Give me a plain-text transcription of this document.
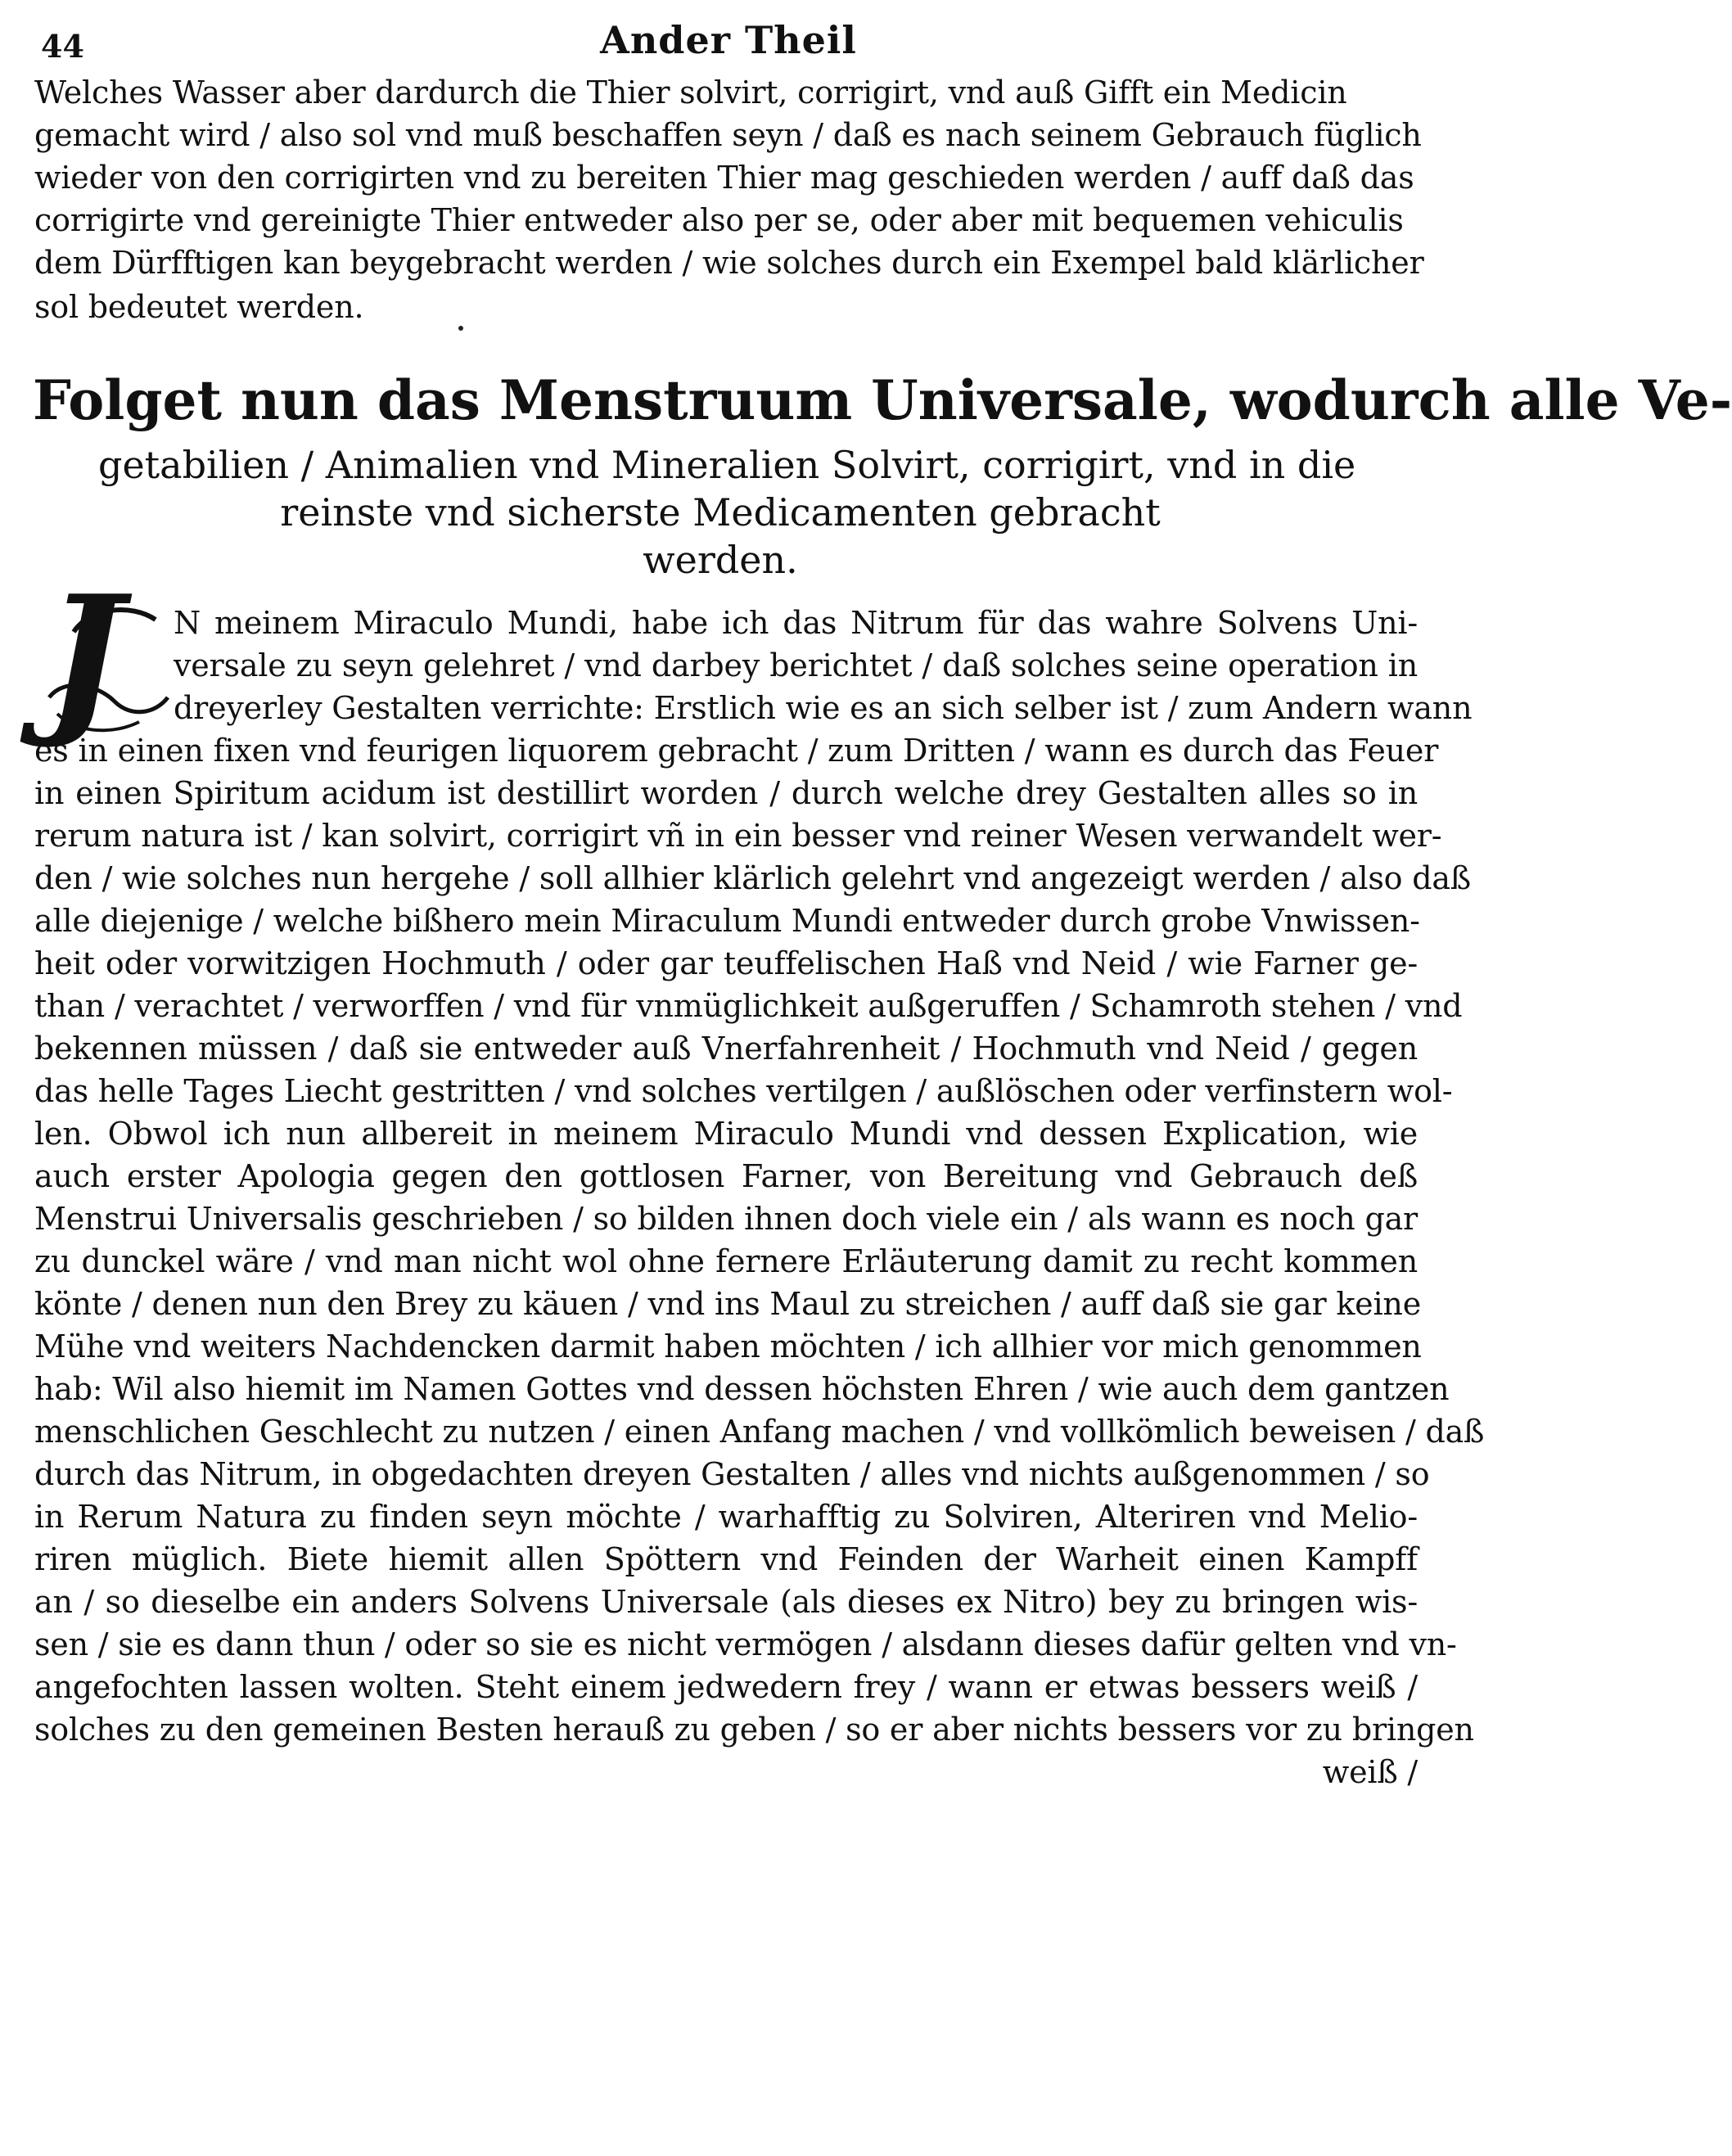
44	Ander Theil
Welches Wasser aber dardurch die Thier solvirt, corrigirt, vnd auß Gifft ein Medicin
gemacht wird / also sol vnd muß beschaffen seyn / daß es nach seinem Gebrauch füglich
wieder von den corrigirten vnd zu bereiten Thier mag geschieden werden / auff daß das
corrigirte vnd gereinigte Thier entweder also per se, oder aber mit bequemen vehiculis
dem Dürfftigen kan beygebracht werden / wie solches durch ein Exempel bald klärlicher
sol bedeutet werden.
Folget nun das Menstruum Universale, wodurch alle Ve-
getabilien / Animalien vnd Mineralien Solvirt, corrigirt, vnd in die
reinste vnd sicherste Medicamenten gebracht
werden.
J N meinem Miraculo Mundi, habe ich das Nitrum für das wahre Solvens Uni-
versale zu seyn gelehret / vnd darbey berichtet / daß solches seine operation in
dreyerley Gestalten verrichte: Erstlich wie es an sich selber ist / zum Andern wann
es in einen fixen vnd feurigen liquorem gebracht / zum Dritten / wann es durch das Feuer
in einen Spiritum acidum ist destillirt worden / durch welche drey Gestalten alles so in
rerum natura ist / kan solvirt, corrigirt vñ in ein besser vnd reiner Wesen verwandelt wer-
den / wie solches nun hergehe / soll allhier klärlich gelehrt vnd angezeigt werden / also daß
alle diejenige / welche bißhero mein Miraculum Mundi entweder durch grobe Vnwissen-
heit oder vorwitzigen Hochmuth / oder gar teuffelischen Haß vnd Neid / wie Farner ge-
than / verachtet / verworffen / vnd für vnmüglichkeit außgeruffen / Schamroth stehen / vnd
bekennen müssen / daß sie entweder auß Vnerfahrenheit / Hochmuth vnd Neid / gegen
das helle Tages Liecht gestritten / vnd solches vertilgen / außlöschen oder verfinstern wol-
len. Obwol ich nun allbereit in meinem Miraculo Mundi vnd dessen Explication, wie
auch erster Apologia gegen den gottlosen Farner, von Bereitung vnd Gebrauch deß
Menstrui Universalis geschrieben / so bilden ihnen doch viele ein / als wann es noch gar
zu dunckel wäre / vnd man nicht wol ohne fernere Erläuterung damit zu recht kommen
könte / denen nun den Brey zu käuen / vnd ins Maul zu streichen / auff daß sie gar keine
Mühe vnd weiters Nachdencken darmit haben möchten / ich allhier vor mich genommen
hab: Wil also hiemit im Namen Gottes vnd dessen höchsten Ehren / wie auch dem gantzen
menschlichen Geschlecht zu nutzen / einen Anfang machen / vnd vollkömlich beweisen / daß
durch das Nitrum, in obgedachten dreyen Gestalten / alles vnd nichts außgenommen / so
in Rerum Natura zu finden seyn möchte / warhafftig zu Solviren, Alteriren vnd Melio-
riren müglich. Biete hiemit allen Spöttern vnd Feinden der Warheit einen Kampff
an / so dieselbe ein anders Solvens Universale (als dieses ex Nitro) bey zu bringen wis-
sen / sie es dann thun / oder so sie es nicht vermögen / alsdann dieses dafür gelten vnd vn-
angefochten lassen wolten. Steht einem jedwedern frey / wann er etwas bessers weiß /
solches zu den gemeinen Besten herauß zu geben / so er aber nichts bessers vor zu bringen
weiß /
